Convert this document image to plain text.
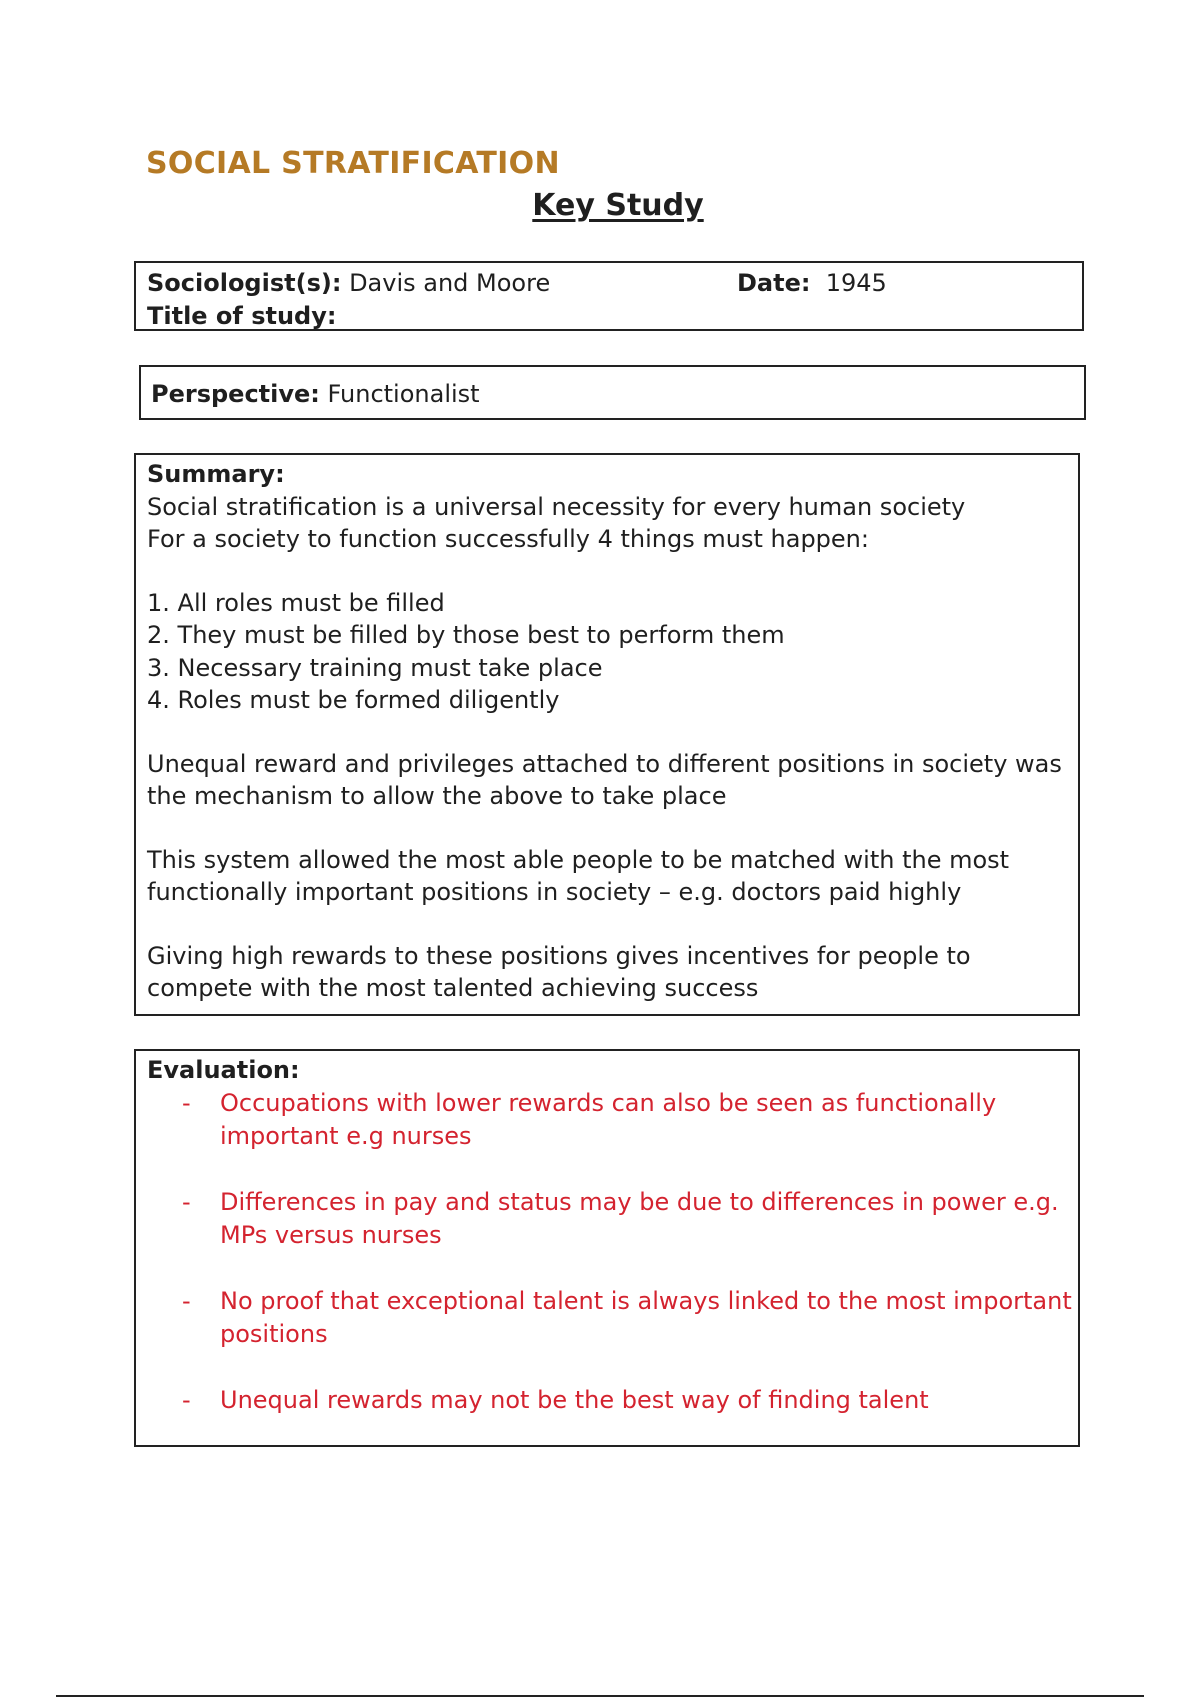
SOCIAL STRATIFICATION
Key Study
Sociologist(s): Davis and Moore	Date: 1945
Title of study:
Perspective: Functionalist
Summary:
Social stratification is a universal necessity for every human society
For a society to function successfully 4 things must happen:
1. All roles must be filled
2. They must be filled by those best to perform them
3. Necessary training must take place
4. Roles must be formed diligently
Unequal reward and privileges attached to different positions in society was
the mechanism to allow the above to take place
This system allowed the most able people to be matched with the most
functionally important positions in society – e.g. doctors paid highly
Giving high rewards to these positions gives incentives for people to
compete with the most talented achieving success
Evaluation:
- Occupations with lower rewards can also be seen as functionally important e.g nurses
- Differences in pay and status may be due to differences in power e.g. MPs versus nurses
- No proof that exceptional talent is always linked to the most important positions
- Unequal rewards may not be the best way of finding talent
